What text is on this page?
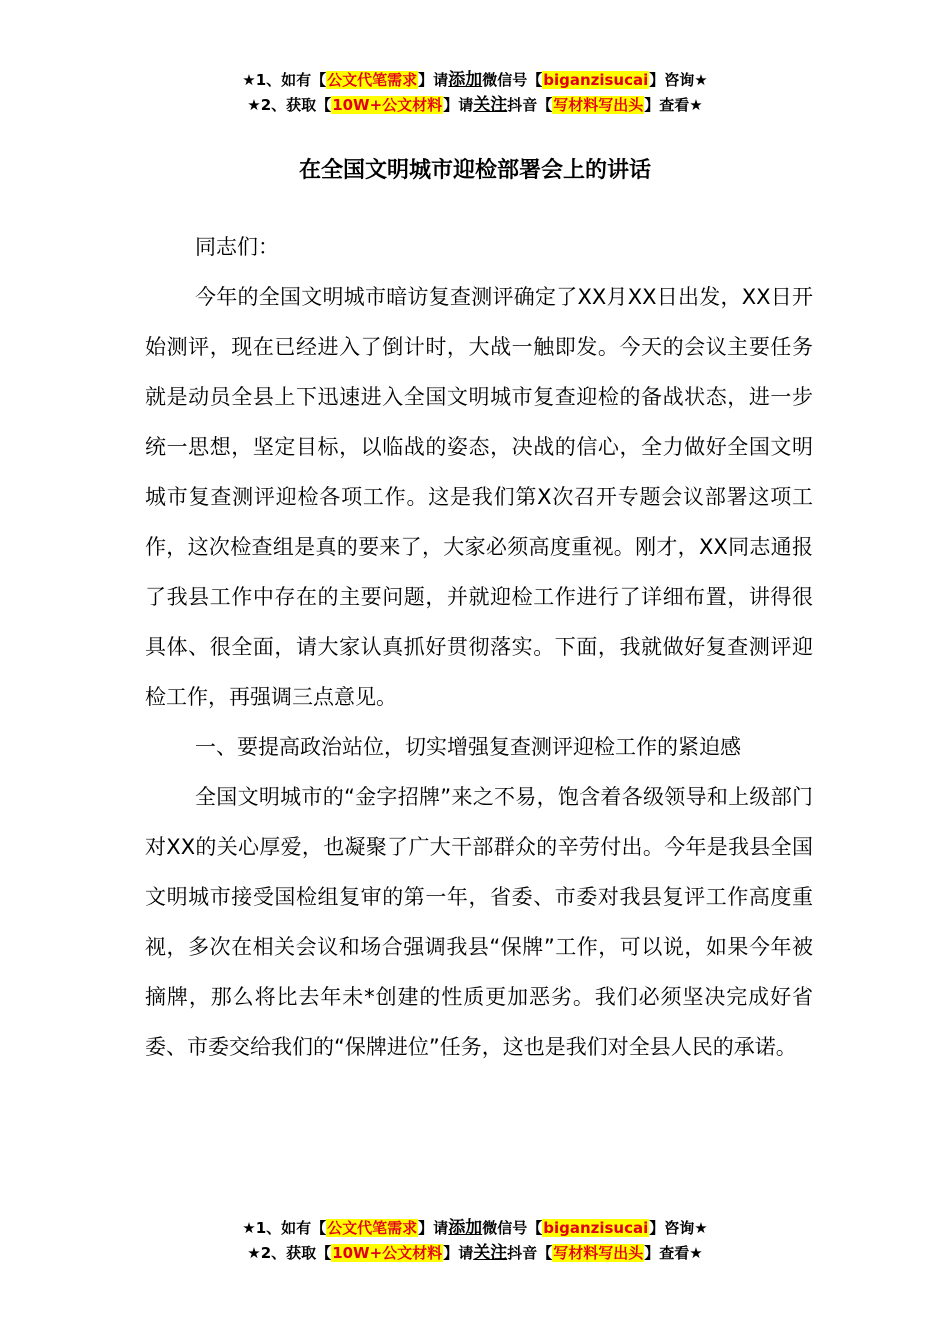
★1、如有【公文代笔需求】请添加微信号【biganzisucai】咨询★
★2、获取【10W+公文材料】请关注抖音【写材料写出头】查看★
在全国文明城市迎检部署会上的讲话

同志们：

今年的全国文明城市暗访复查测评确定了XX月XX日出发，XX日开始测评，现在已经进入了倒计时，大战一触即发。今天的会议主要任务就是动员全县上下迅速进入全国文明城市复查迎检的备战状态，进一步统一思想，坚定目标，以临战的姿态，决战的信心，全力做好全国文明城市复查测评迎检各项工作。这是我们第X次召开专题会议部署这项工作，这次检查组是真的要来了，大家必须高度重视。刚才，XX同志通报了我县工作中存在的主要问题，并就迎检工作进行了详细布置，讲得很具体、很全面，请大家认真抓好贯彻落实。下面，我就做好复查测评迎检工作，再强调三点意见。

一、要提高政治站位，切实增强复查测评迎检工作的紧迫感

全国文明城市的“金字招牌”来之不易，饱含着各级领导和上级部门对XX的关心厚爱，也凝聚了广大干部群众的辛劳付出。今年是我县全国文明城市接受国检组复审的第一年，省委、市委对我县复评工作高度重视，多次在相关会议和场合强调我县“保牌”工作，可以说，如果今年被摘牌，那么将比去年未*创建的性质更加恶劣。我们必须坚决完成好省委、市委交给我们的“保牌进位”任务，这也是我们对全县人民的承诺。

★1、如有【公文代笔需求】请添加微信号【biganzisucai】咨询★
★2、获取【10W+公文材料】请关注抖音【写材料写出头】查看★
